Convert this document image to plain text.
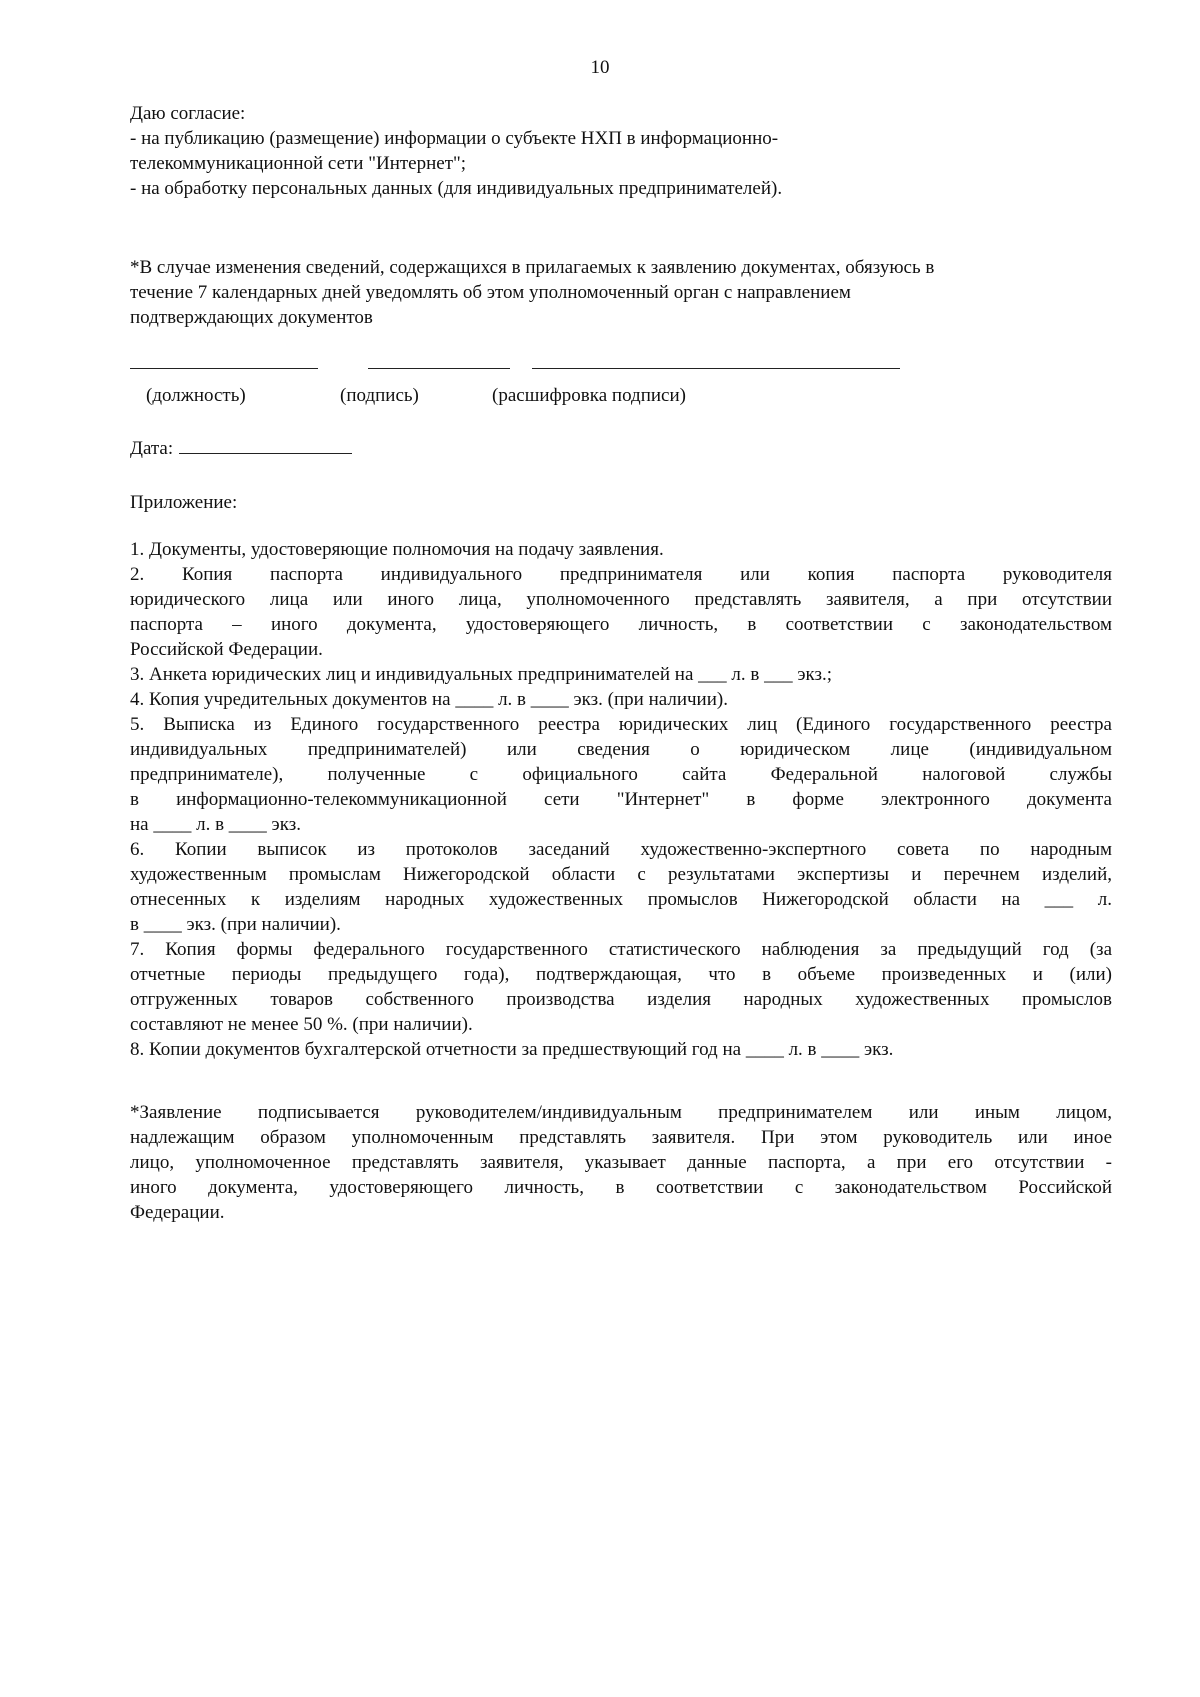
10
Даю согласие:
- на публикацию (размещение) информации о субъекте НХП в информационно-
телекоммуникационной сети "Интернет";
- на обработку персональных данных (для индивидуальных предпринимателей).
*В случае изменения сведений, содержащихся в прилагаемых к заявлению документах, обязуюсь в
течение 7 календарных дней уведомлять об этом уполномоченный орган с направлением
подтверждающих документов
(должность)	(подпись)	(расшифровка подписи)
Дата:
Приложение:
1. Документы, удостоверяющие полномочия на подачу заявления.
2. Копия паспорта индивидуального предпринимателя или копия паспорта руководителя
юридического лица или иного лица, уполномоченного представлять заявителя, а при отсутствии
паспорта – иного документа, удостоверяющего личность, в соответствии с законодательством
Российской Федерации.
3. Анкета юридических лиц и индивидуальных предпринимателей на ___ л. в ___ экз.;
4. Копия учредительных документов на ____ л. в ____ экз. (при наличии).
5. Выписка из Единого государственного реестра юридических лиц (Единого государственного реестра
индивидуальных предпринимателей) или сведения о юридическом лице (индивидуальном
предпринимателе), полученные с официального сайта Федеральной налоговой службы
в информационно-телекоммуникационной сети "Интернет" в форме электронного документа
на ____ л. в ____ экз.
6. Копии выписок из протоколов заседаний художественно-экспертного совета по народным
художественным промыслам Нижегородской области с результатами экспертизы и перечнем изделий,
отнесенных к изделиям народных художественных промыслов Нижегородской области на ___ л.
в ____ экз. (при наличии).
7. Копия формы федерального государственного статистического наблюдения за предыдущий год (за
отчетные периоды предыдущего года), подтверждающая, что в объеме произведенных и (или)
отгруженных товаров собственного производства изделия народных художественных промыслов
составляют не менее 50 %. (при наличии).
8. Копии документов бухгалтерской отчетности за предшествующий год на ____ л. в ____ экз.
*Заявление подписывается руководителем/индивидуальным предпринимателем или иным лицом,
надлежащим образом уполномоченным представлять заявителя. При этом руководитель или иное
лицо, уполномоченное представлять заявителя, указывает данные паспорта, а при его отсутствии -
иного документа, удостоверяющего личность, в соответствии с законодательством Российской
Федерации.
